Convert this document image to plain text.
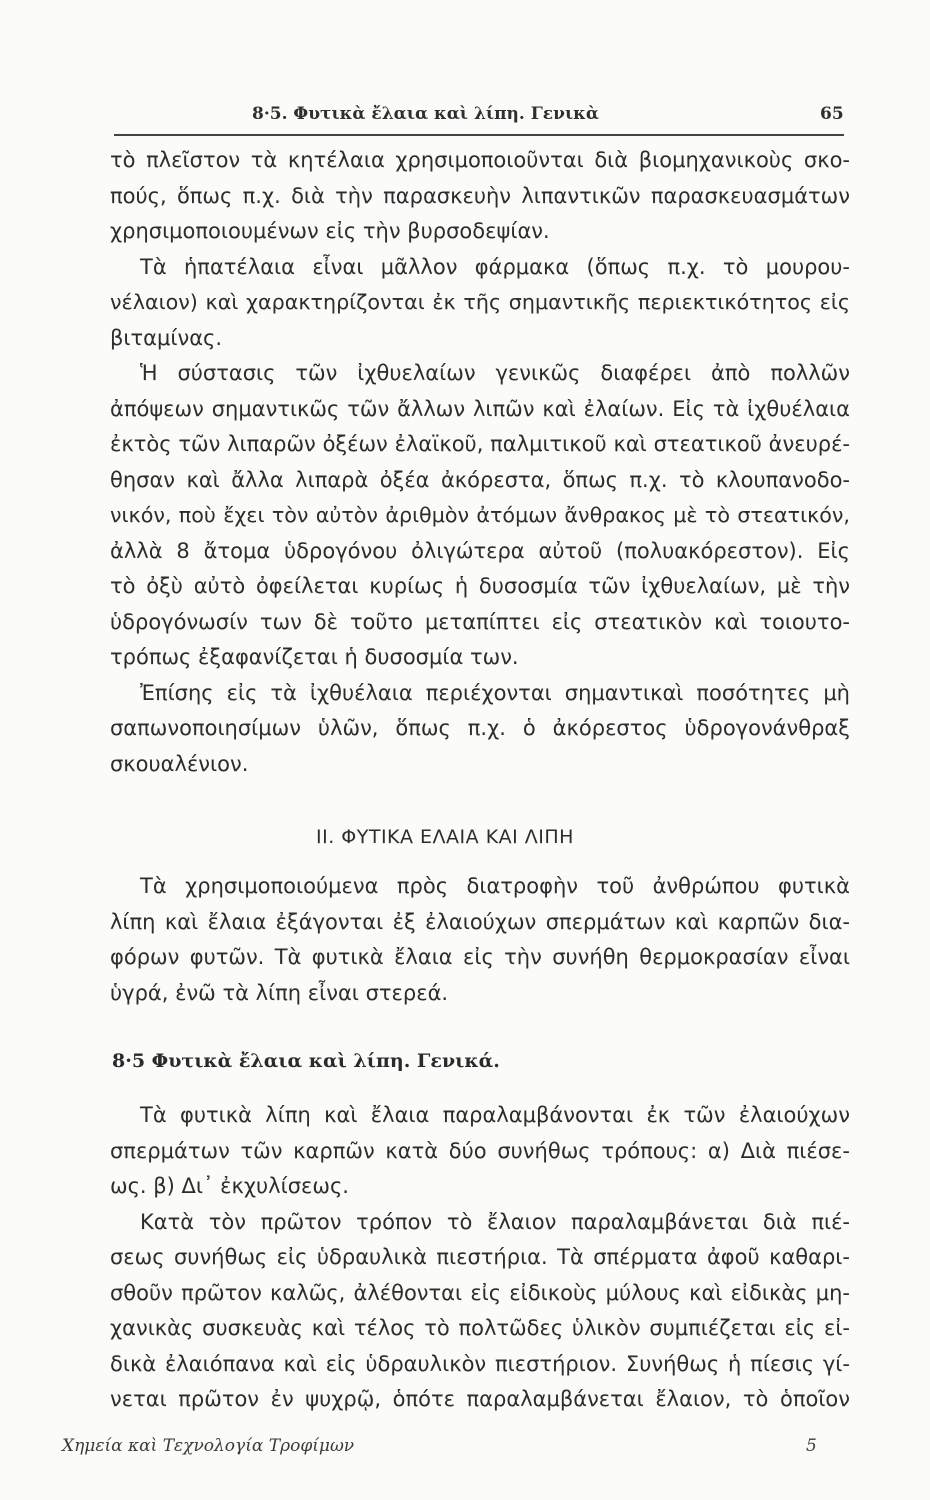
8·5. Φυτικὰ ἔλαια καὶ λίπη. Γενικὰ	65
τὸ πλεῖστον τὰ κητέλαια χρησιμοποιοῦνται διὰ βιομηχανικοὺς σκο-
πούς, ὅπως π.χ. διὰ τὴν παρασκευὴν λιπαντικῶν παρασκευασμάτων
χρησιμοποιουμένων εἰς τὴν βυρσοδεψίαν.
Τὰ ἡπατέλαια εἶναι μᾶλλον φάρμακα (ὅπως π.χ. τὸ μουρου-
νέλαιον) καὶ χαρακτηρίζονται ἐκ τῆς σημαντικῆς περιεκτικότητος εἰς
βιταμίνας.
Ἡ σύστασις τῶν ἰχθυελαίων γενικῶς διαφέρει ἀπὸ πολλῶν
ἀπόψεων σημαντικῶς τῶν ἄλλων λιπῶν καὶ ἐλαίων. Εἰς τὰ ἰχθυέλαια
ἐκτὸς τῶν λιπαρῶν ὀξέων ἐλαϊκοῦ, παλμιτικοῦ καὶ στεατικοῦ ἀνευρέ-
θησαν καὶ ἄλλα λιπαρὰ ὀξέα ἀκόρεστα, ὅπως π.χ. τὸ κλουπανοδο-
νικόν, ποὺ ἔχει τὸν αὐτὸν ἀριθμὸν ἀτόμων ἄνθρακος μὲ τὸ στεατικόν,
ἀλλὰ 8 ἄτομα ὑδρογόνου ὀλιγώτερα αὐτοῦ (πολυακόρεστον). Εἰς
τὸ ὀξὺ αὐτὸ ὀφείλεται κυρίως ἡ δυσοσμία τῶν ἰχθυελαίων, μὲ τὴν
ὑδρογόνωσίν των δὲ τοῦτο μεταπίπτει εἰς στεατικὸν καὶ τοιουτο-
τρόπως ἐξαφανίζεται ἡ δυσοσμία των.
Ἐπίσης εἰς τὰ ἰχθυέλαια περιέχονται σημαντικαὶ ποσότητες μὴ
σαπωνοποιησίμων ὑλῶν, ὅπως π.χ. ὁ ἀκόρεστος ὑδρογονάνθραξ
σκουαλένιον.
ΙΙ. ΦΥΤΙΚΑ ΕΛΑΙΑ ΚΑΙ ΛΙΠΗ
Τὰ χρησιμοποιούμενα πρὸς διατροφὴν τοῦ ἀνθρώπου φυτικὰ
λίπη καὶ ἔλαια ἐξάγονται ἐξ ἐλαιούχων σπερμάτων καὶ καρπῶν δια-
φόρων φυτῶν. Τὰ φυτικὰ ἔλαια εἰς τὴν συνήθη θερμοκρασίαν εἶναι
ὑγρά, ἐνῶ τὰ λίπη εἶναι στερεά.
8·5 Φυτικὰ ἔλαια καὶ λίπη. Γενικά.
Τὰ φυτικὰ λίπη καὶ ἔλαια παραλαμβάνονται ἐκ τῶν ἐλαιούχων
σπερμάτων τῶν καρπῶν κατὰ δύο συνήθως τρόπους: α) Διὰ πιέσε-
ως. β) Δι᾽ ἐκχυλίσεως.
Κατὰ τὸν πρῶτον τρόπον τὸ ἔλαιον παραλαμβάνεται διὰ πιέ-
σεως συνήθως εἰς ὑδραυλικὰ πιεστήρια. Τὰ σπέρματα ἀφοῦ καθαρι-
σθοῦν πρῶτον καλῶς, ἀλέθονται εἰς εἰδικοὺς μύλους καὶ εἰδικὰς μη-
χανικὰς συσκευὰς καὶ τέλος τὸ πολτῶδες ὑλικὸν συμπιέζεται εἰς εἰ-
δικὰ ἐλαιόπανα καὶ εἰς ὑδραυλικὸν πιεστήριον. Συνήθως ἡ πίεσις γί-
νεται πρῶτον ἐν ψυχρῷ, ὁπότε παραλαμβάνεται ἔλαιον, τὸ ὁποῖον
Χημεία καὶ Τεχνολογία Τροφίμων	5
